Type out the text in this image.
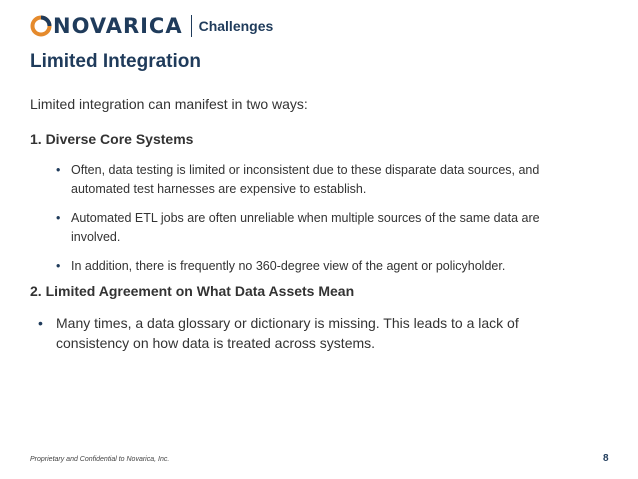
NOVARICA Challenges
Limited Integration
Limited integration can manifest in two ways:
1. Diverse Core Systems
• Often, data testing is limited or inconsistent due to these disparate data sources, and automated test harnesses are expensive to establish.
• Automated ETL jobs are often unreliable when multiple sources of the same data are involved.
• In addition, there is frequently no 360-degree view of the agent or policyholder.
2. Limited Agreement on What Data Assets Mean
• Many times, a data glossary or dictionary is missing. This leads to a lack of consistency on how data is treated across systems.
Proprietary and Confidential to Novarica, Inc.	8
